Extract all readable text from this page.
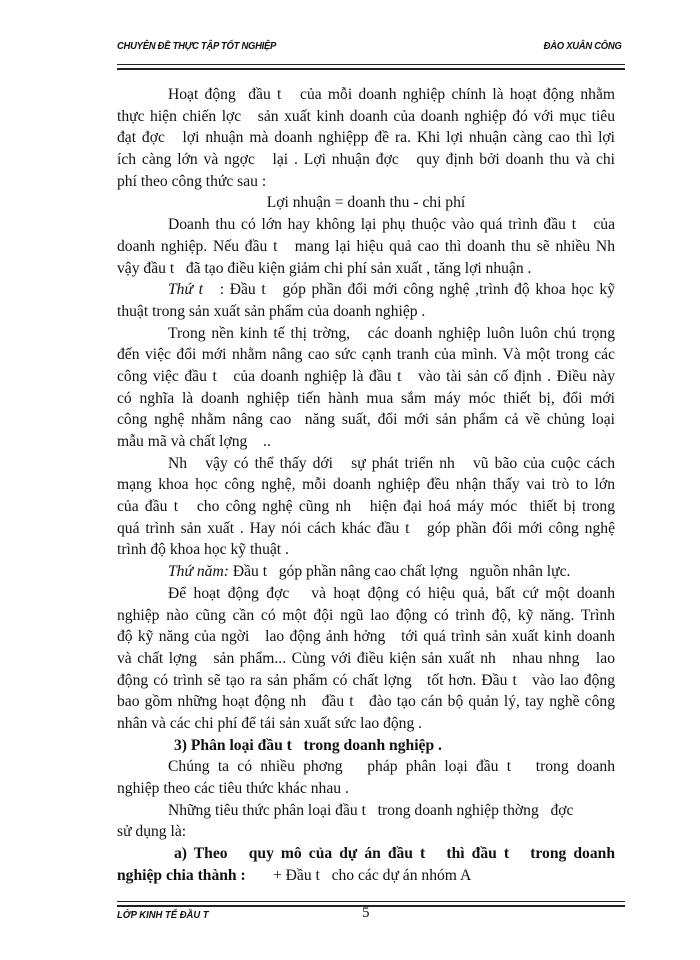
CHUYÊN ĐỀ THỰC TẬP TỐT NGHIỆP	ĐÀO XUÂN CÔNG
Hoạt động  đầu t   của mỗi doanh nghiệp chính là hoạt động nhằm
thực hiện chiến lợc   sản xuất kinh doanh của doanh nghiệp đó với mục tiêu
đạt đợc   lợi nhuận mà doanh nghiệpp đề ra. Khi lợi nhuận càng cao thì lợi
ích càng lớn và ngợc   lại . Lợi nhuận đợc   quy định bởi doanh thu và chi
phí theo công thức sau :
Lợi nhuận = doanh thu - chi phí
Doanh thu có lớn hay không lại phụ thuộc vào quá trình đầu t   của
doanh nghiệp. Nếu đầu t   mang lại hiệu quả cao thì doanh thu sẽ nhiều Nh
vậy đầu t   đã tạo điều kiện giảm chi phí sản xuất , tăng lợi nhuận .
Thứ t   : Đầu t   góp phần đổi mới công nghệ ,trình độ khoa học kỹ
thuật trong sản xuất sản phẩm của doanh nghiệp .
Trong nền kinh tế thị trờng,   các doanh nghiệp luôn luôn chú trọng
đến việc đổi mới nhằm nâng cao sức cạnh tranh của mình. Và một trong các
công việc đầu t   của doanh nghiệp là đầu t   vào tài sản cố định . Điều này
có nghĩa là doanh nghiệp tiến hành mua sắm máy móc thiết bị, đổi mới
công nghệ nhằm nâng cao  năng suất, đổi mới sản phẩm cả về chủng loại
mẫu mã và chất lợng    ..
Nh   vậy có thể thấy dới   sự phát triển nh   vũ bão của cuộc cách
mạng khoa học công nghệ, mỗi doanh nghiệp đều nhận thấy vai trò to lớn
của đầu t   cho công nghệ cũng nh   hiện đại hoá máy móc  thiết bị trong
quá trình sản xuất . Hay nói cách khác đầu t   góp phần đổi mới công nghệ
trình độ khoa học kỹ thuật .
Thứ năm: Đầu t   góp phần nâng cao chất lợng   nguồn nhân lực.
Để hoạt động đợc   và hoạt động có hiệu quả, bất cứ một doanh
nghiệp nào cũng cần có một đội ngũ lao động có trình độ, kỹ năng. Trình
độ kỹ năng của ngời   lao động ảnh hởng   tới quá trình sản xuất kinh doanh
và chất lợng   sản phẩm... Cùng với điều kiện sản xuất nh   nhau nhng   lao
động có trình sẽ tạo ra sản phẩm có chất lợng   tốt hơn. Đầu t   vào lao động
bao gồm những hoạt động nh   đầu t   đào tạo cán bộ quản lý, tay nghề công
nhân và các chi phí để tái sản xuất sức lao động .
3) Phân loại đầu t   trong doanh nghiệp .
Chúng ta có nhiều phơng   pháp phân loại đầu t   trong doanh
nghiệp theo các tiêu thức khác nhau .
Những tiêu thức phân loại đầu t   trong doanh nghiệp thờng   đợc
sử dụng là:
a) Theo   quy mô của dự án đầu t   thì đầu t   trong doanh
nghiệp chia thành :       + Đầu t   cho các dự án nhóm A
LỚP KINH TẾ ĐẦU T	5
